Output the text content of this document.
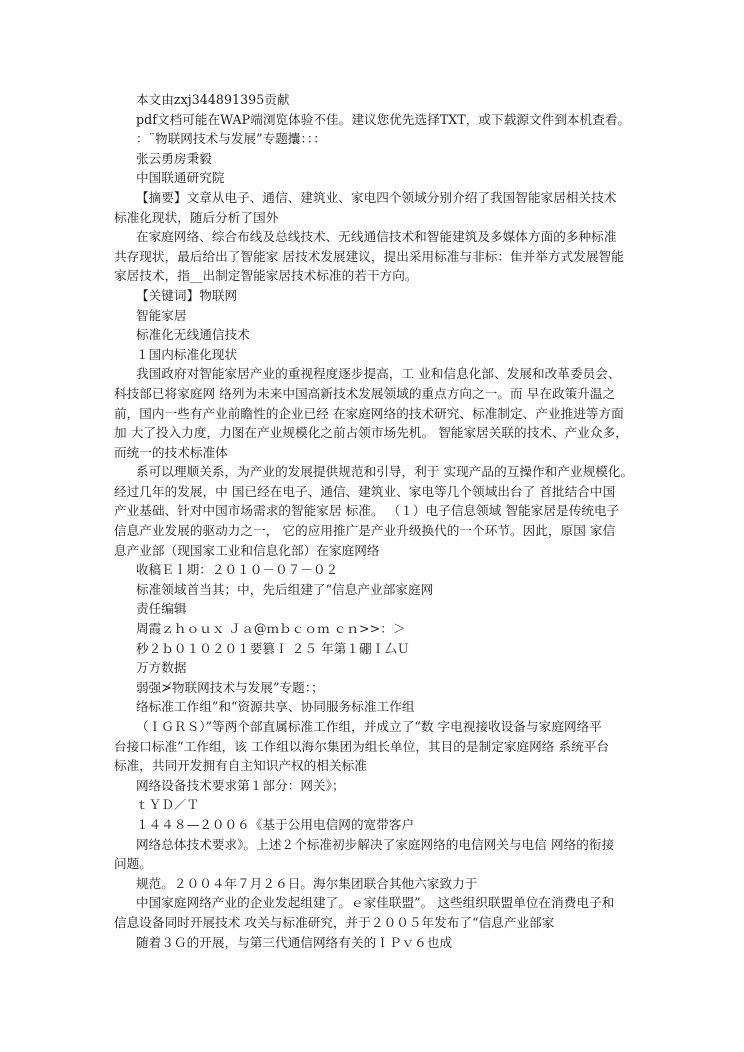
本文由zxj344891395贡献
pdf文档可能在WAP端浏览体验不佳。建议您优先选择TXT，或下载源文件到本机查看。
：¨物联网技术与发展”专题攮：：：
张云勇房秉毅
中国联通研究院
【摘要】文章从电子、通信、建筑业、家电四个领域分别介绍了我国智能家居相关技术
标准化现状，随后分析了国外
在家庭网络、综合布线及总线技术、无线通信技术和智能建筑及多媒体方面的多种标准
共存现状，最后给出了智能家 居技术发展建议，提出采用标准与非标：隹并举方式发展智能
家居技术，指__出制定智能家居技术标准的若干方向。
【关键词】物联网
智能家居
标准化无线通信技术
１国内标准化现状
我国政府对智能家居产业的重视程度逐步提高，工 业和信息化部、发展和改革委员会、
科技部已将家庭网 络列为未来中国高新技术发展领域的重点方向之一。而 早在政策升温之
前，国内一些有产业前瞻性的企业已经 在家庭网络的技术研究、标准制定、产业推进等方面
加 大了投入力度，力图在产业规模化之前占领市场先机。 智能家居关联的技术、产业众多，
而统一的技术标准体
系可以理顺关系，为产业的发展提供规范和引导，利于 实现产品的互操作和产业规模化。
经过几年的发展，中 国已经在电子、通信、建筑业、家电等几个领域出台了 首批结合中国
产业基础、针对中国市场需求的智能家居 标准。 （１）电子信息领域 智能家居是传统电子
信息产业发展的驱动力之一， 它的应用推广是产业升级换代的一个环节。因此，原国 家信
息产业部（现国家工业和信息化部）在家庭网络
收稿Ｅｌ期：２０１０－０７－０２
标准领域首当其；中，先后组建了“信息产业部家庭网
责任编辑
周霞ｚｈｏｕｘ Ｊａ@ｍｂｃｏｍ ｃｎ>>：＞
秒２ｂ０１０２０１要篡Ｉ ２５ 年第１硼Ｉ厶Ｕ
万方数据
弱强≯物联网技术与发展”专题：；
络标准工作组”和“资源共享、协同服务标准工作组
（ＩＧＲＳ）”等两个部直属标准工作组，并成立了“数 字电视接收设备与家庭网络平
台接口标准”工作组，该 工作组以海尔集团为组长单位，其目的是制定家庭网络 系统平台
标准，共同开发拥有自主知识产权的相关标准
网络设备技术要求第１部分：网关》；
ｔＹＤ／Ｔ
１４４８—２００６《基于公用电信网的宽带客户
网络总体技术要求》。上述２个标准初步解决了家庭网络的电信网关与电信 网络的衔接
问题。
规范。２００４年７月２６日。海尔集团联合其他六家致力于
中国家庭网络产业的企业发起组建了。ｅ家佳联盟”。 这些组织联盟单位在消费电子和
信息设备同时开展技术 攻关与标准研究，并于２００５年发布了“信息产业部家
随着３Ｇ的开展，与第三代通信网络有关的ＩＰｖ６也成
